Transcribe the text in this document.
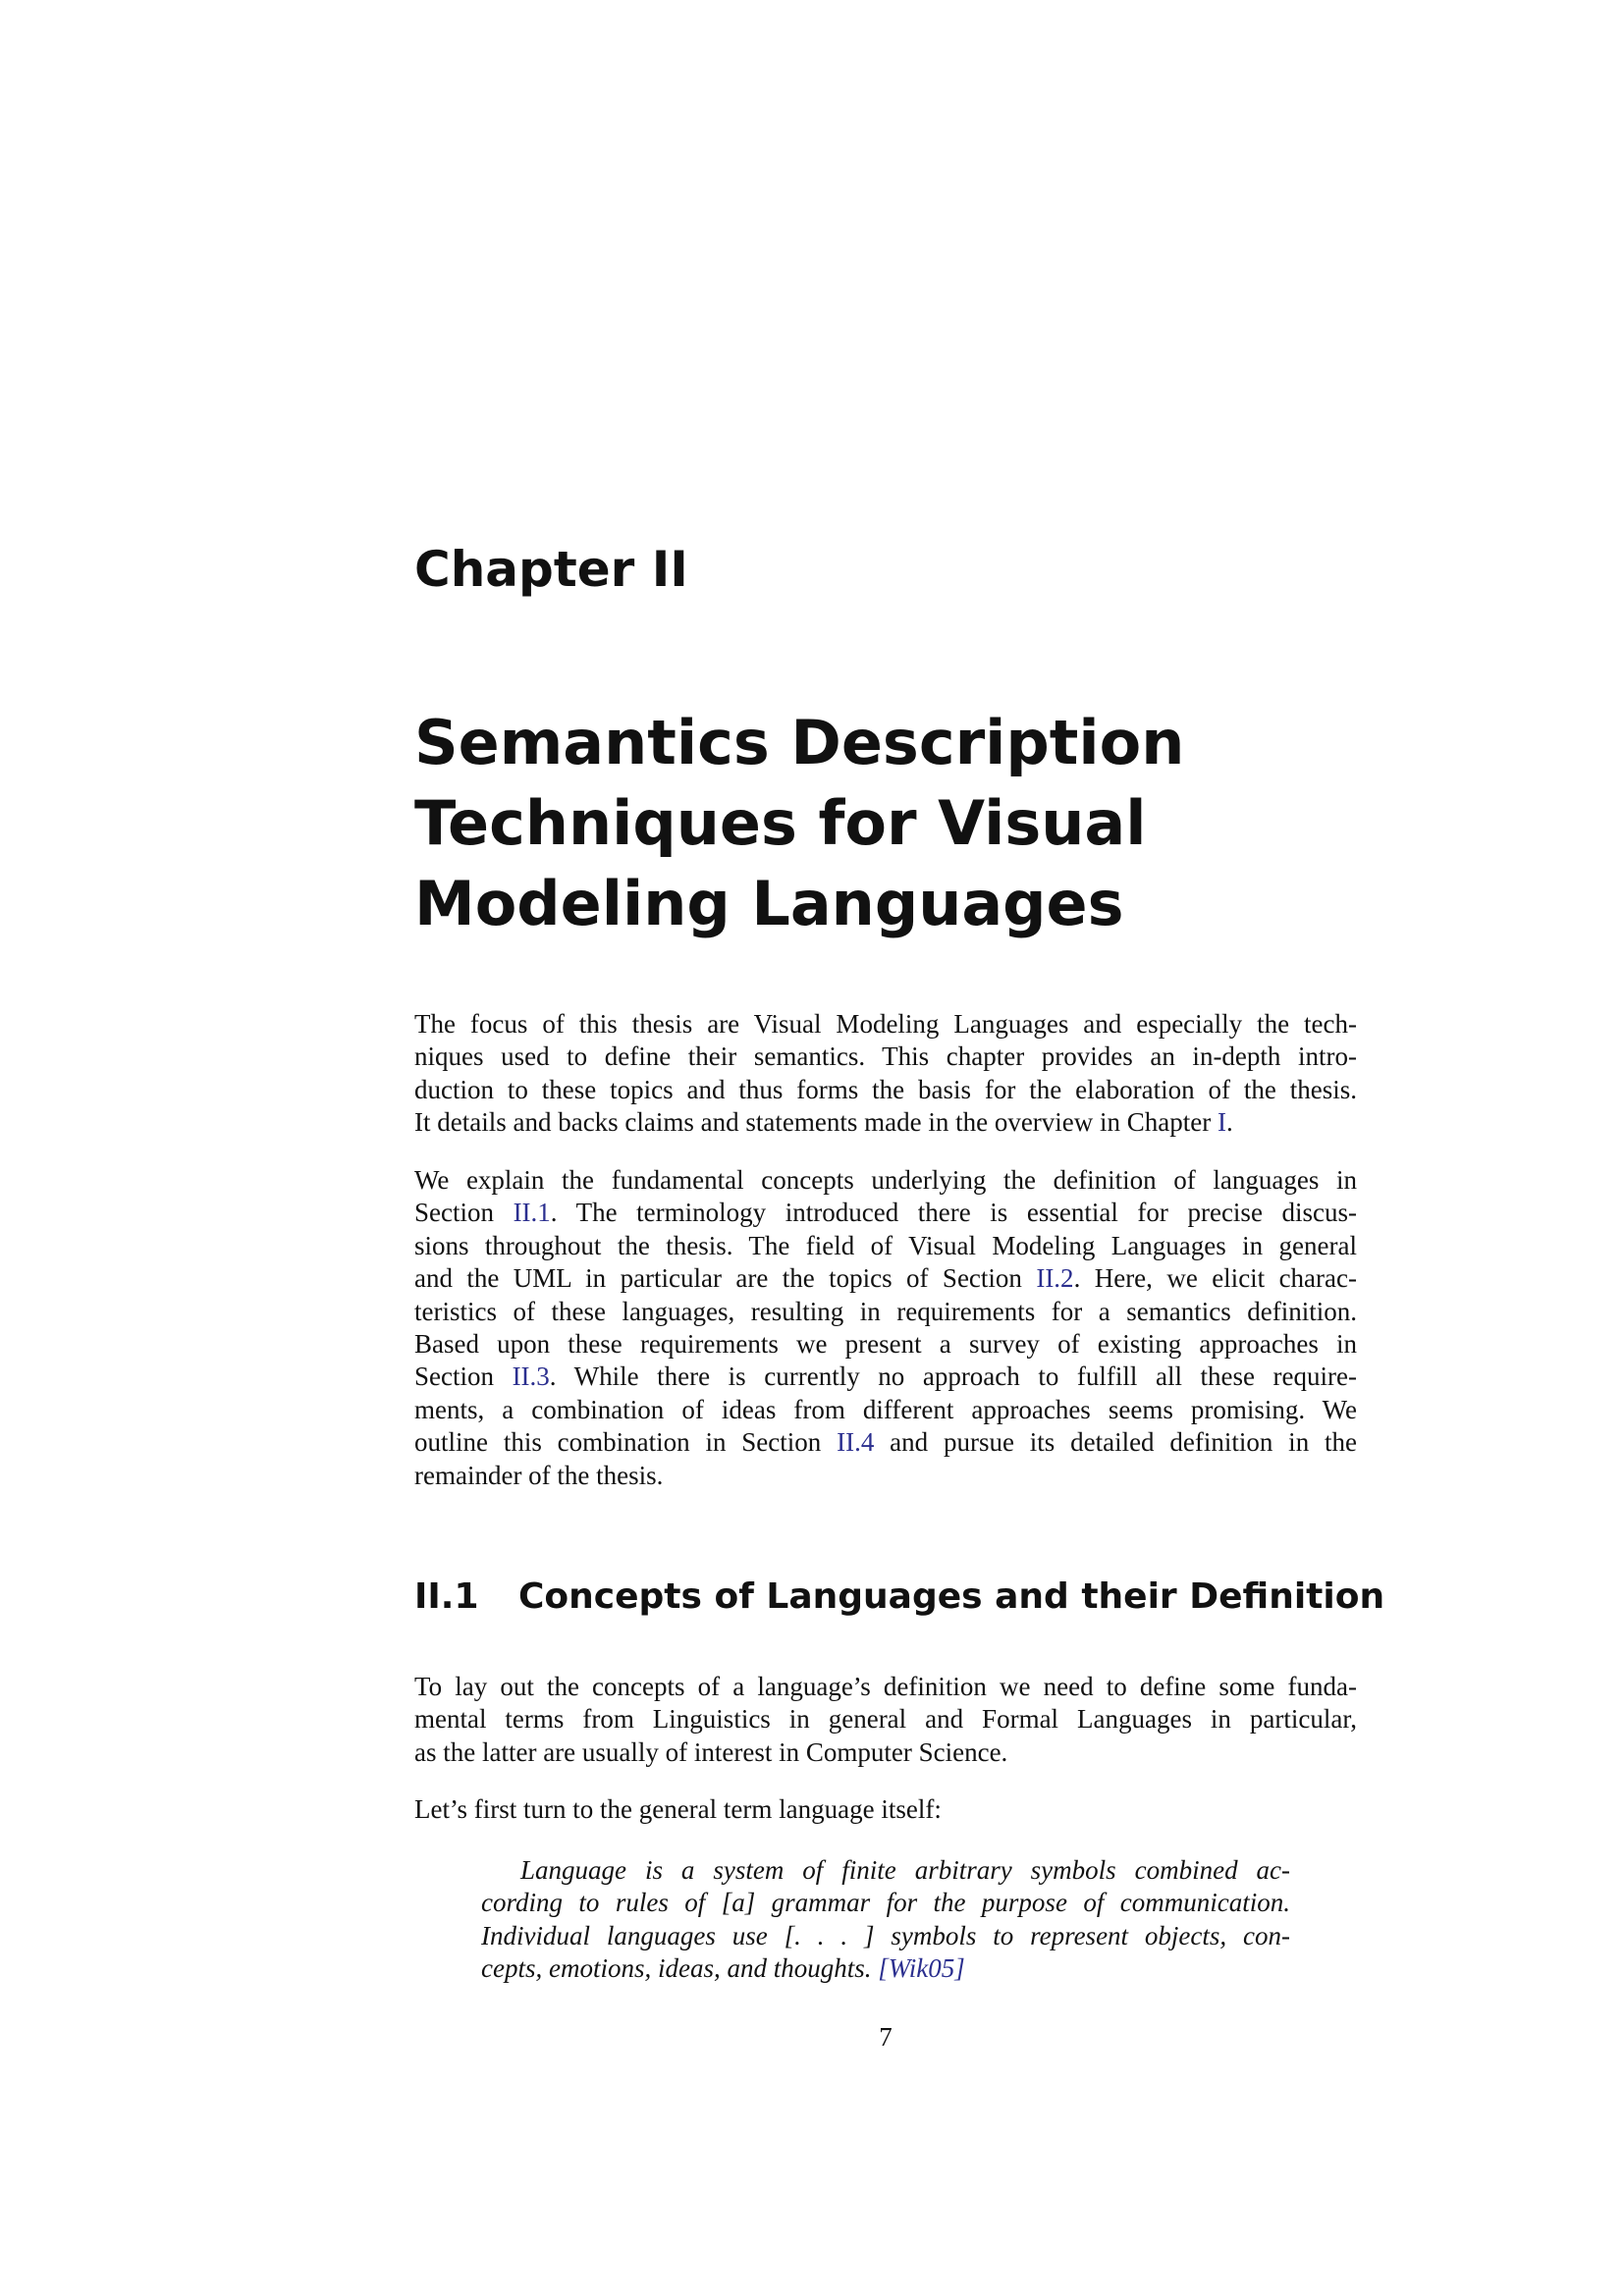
Chapter II
Semantics Description
Techniques for Visual
Modeling Languages

The focus of this thesis are Visual Modeling Languages and especially the tech-
niques used to define their semantics. This chapter provides an in-depth intro-
duction to these topics and thus forms the basis for the elaboration of the thesis.
It details and backs claims and statements made in the overview in Chapter I.

We explain the fundamental concepts underlying the definition of languages in
Section II.1. The terminology introduced there is essential for precise discus-
sions throughout the thesis. The field of Visual Modeling Languages in general
and the UML in particular are the topics of Section II.2. Here, we elicit charac-
teristics of these languages, resulting in requirements for a semantics definition.
Based upon these requirements we present a survey of existing approaches in
Section II.3. While there is currently no approach to fulfill all these require-
ments, a combination of ideas from different approaches seems promising. We
outline this combination in Section II.4 and pursue its detailed definition in the
remainder of the thesis.

II.1 Concepts of Languages and their Definition

To lay out the concepts of a language’s definition we need to define some funda-
mental terms from Linguistics in general and Formal Languages in particular,
as the latter are usually of interest in Computer Science.

Let’s first turn to the general term language itself:

Language is a system of finite arbitrary symbols combined ac-
cording to rules of [a] grammar for the purpose of communication.
Individual languages use [. . . ] symbols to represent objects, con-
cepts, emotions, ideas, and thoughts. [Wik05]
7
